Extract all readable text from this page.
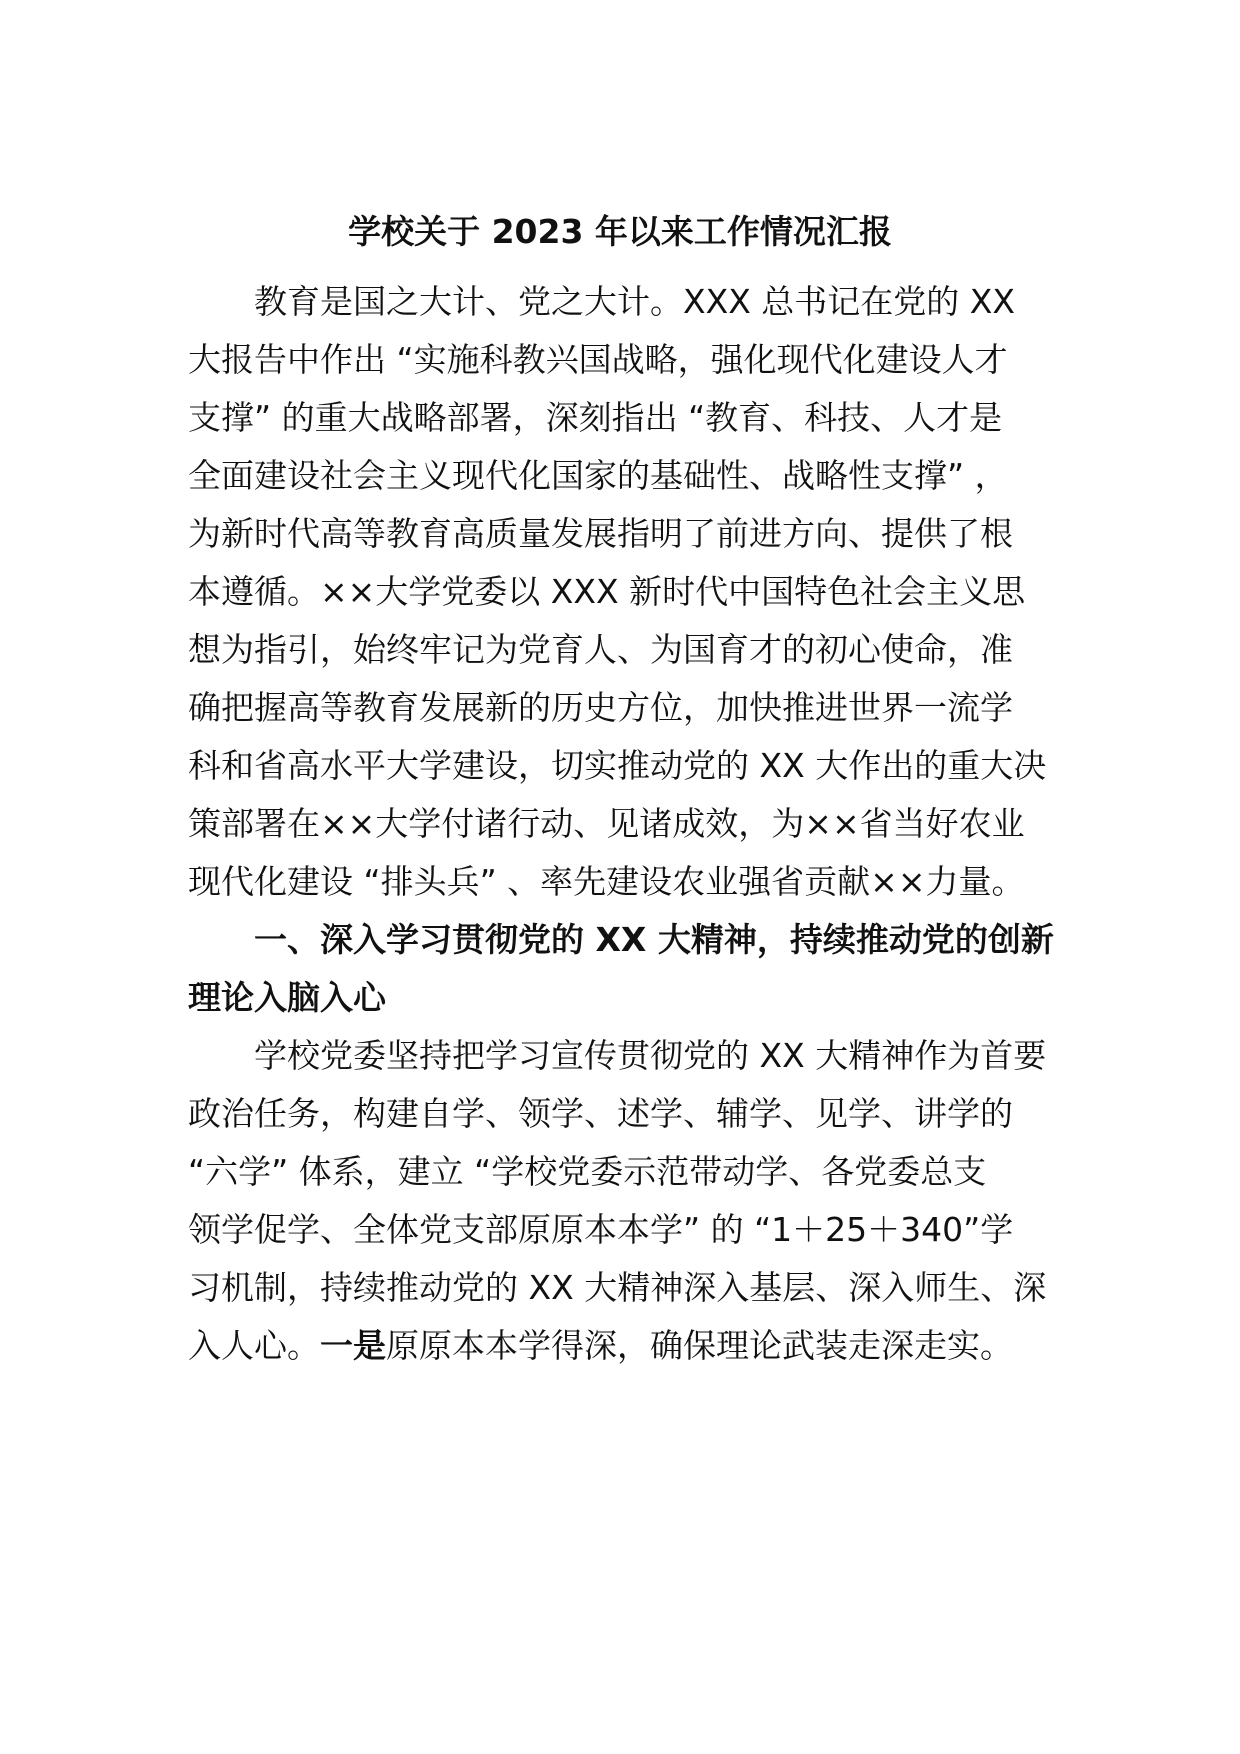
学校关于 2023 年以来工作情况汇报
教育是国之大计、党之大计。XXX 总书记在党的 XX
大报告中作出 “实施科教兴国战略，强化现代化建设人才
支撑” 的重大战略部署，深刻指出 “教育、科技、人才是
全面建设社会主义现代化国家的基础性、战略性支撑” ，
为新时代高等教育高质量发展指明了前进方向、提供了根
本遵循。××大学党委以 XXX 新时代中国特色社会主义思
想为指引，始终牢记为党育人、为国育才的初心使命，准
确把握高等教育发展新的历史方位，加快推进世界一流学
科和省高水平大学建设，切实推动党的 XX 大作出的重大决
策部署在××大学付诸行动、见诸成效，为××省当好农业
现代化建设 “排头兵” 、率先建设农业强省贡献××力量。
一、深入学习贯彻党的 XX 大精神，持续推动党的创新
理论入脑入心
学校党委坚持把学习宣传贯彻党的 XX 大精神作为首要
政治任务，构建自学、领学、述学、辅学、见学、讲学的
“六学” 体系，建立 “学校党委示范带动学、各党委总支
领学促学、全体党支部原原本本学” 的 “1＋25＋340”学
习机制，持续推动党的 XX 大精神深入基层、深入师生、深
入人心。一是原原本本学得深，确保理论武装走深走实。
